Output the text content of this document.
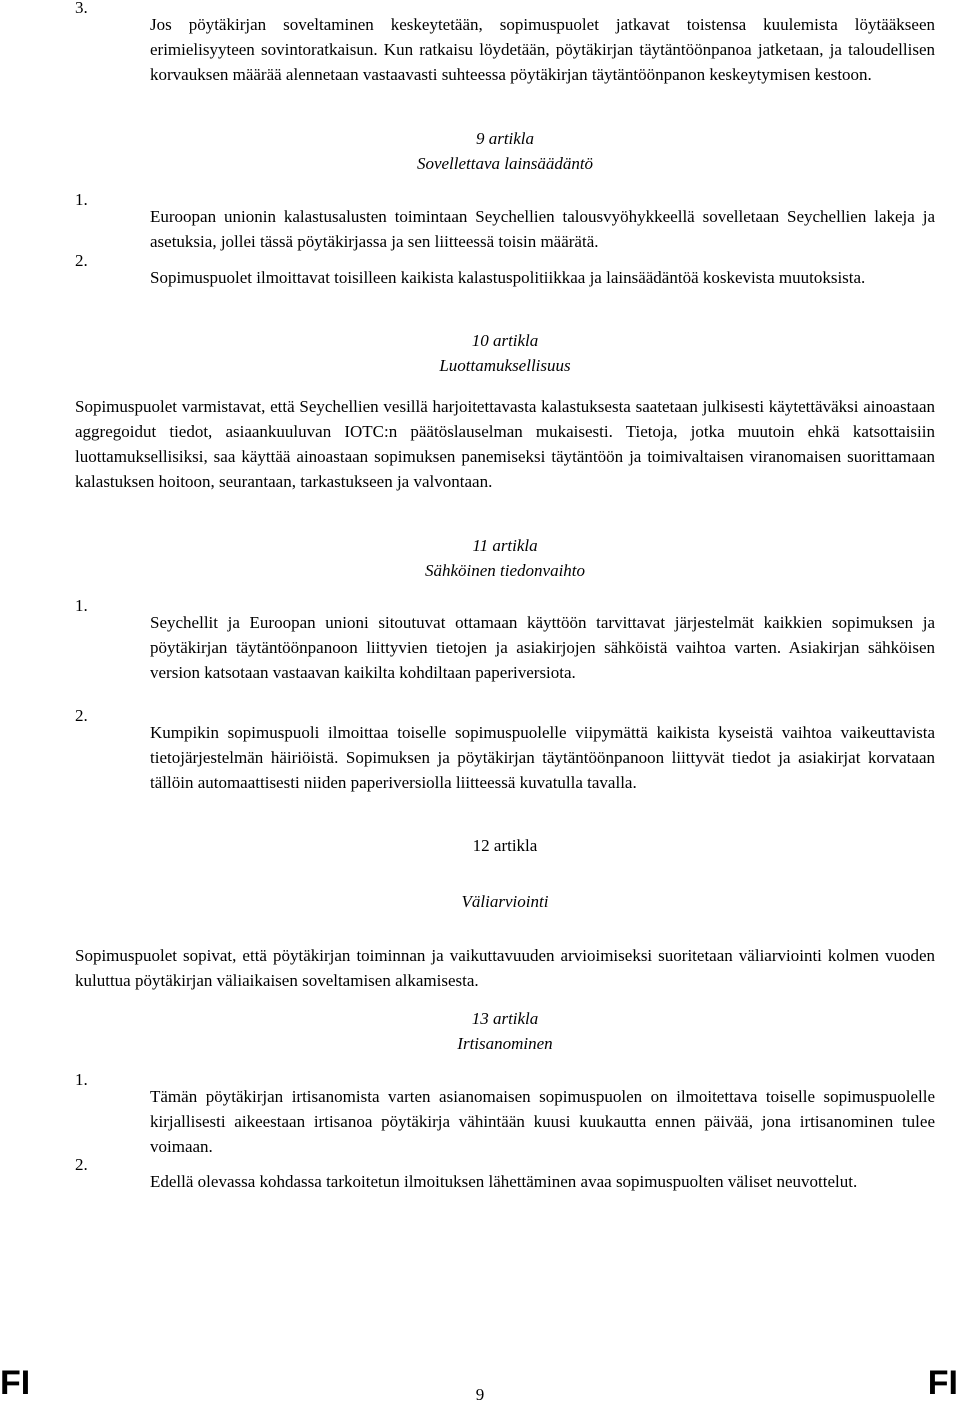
3.

Jos pöytäkirjan soveltaminen keskeytetään, sopimuspuolet jatkavat toistensa kuulemista löytääkseen erimielisyyteen sovintoratkaisun. Kun ratkaisu löydetään, pöytäkirjan täytäntöönpanoa jatketaan, ja taloudellisen korvauksen määrää alennetaan vastaavasti suhteessa pöytäkirjan täytäntöönpanon keskeytymisen kestoon.

9 artikla
Sovellettava lainsäädäntö
1.

Euroopan unionin kalastusalusten toimintaan Seychellien talousvyöhykkeellä sovelletaan Seychellien lakeja ja asetuksia, jollei tässä pöytäkirjassa ja sen liitteessä toisin määrätä.

2.

Sopimuspuolet ilmoittavat toisilleen kaikista kalastuspolitiikkaa ja lainsäädäntöä koskevista muutoksista.

10 artikla
Luottamuksellisuus

Sopimuspuolet varmistavat, että Seychellien vesillä harjoitettavasta kalastuksesta saatetaan julkisesti käytettäväksi ainoastaan aggregoidut tiedot, asiaankuuluvan IOTC:n päätöslauselman mukaisesti. Tietoja, jotka muutoin ehkä katsottaisiin luottamuksellisiksi, saa käyttää ainoastaan sopimuksen panemiseksi täytäntöön ja toimivaltaisen viranomaisen suorittamaan kalastuksen hoitoon, seurantaan, tarkastukseen ja valvontaan.

11 artikla
Sähköinen tiedonvaihto
1.

Seychellit ja Euroopan unioni sitoutuvat ottamaan käyttöön tarvittavat järjestelmät kaikkien sopimuksen ja pöytäkirjan täytäntöönpanoon liittyvien tietojen ja asiakirjojen sähköistä vaihtoa varten. Asiakirjan sähköisen version katsotaan vastaavan kaikilta kohdiltaan paperiversiota.

2.

Kumpikin sopimuspuoli ilmoittaa toiselle sopimuspuolelle viipymättä kaikista kyseistä vaihtoa vaikeuttavista tietojärjestelmän häiriöistä. Sopimuksen ja pöytäkirjan täytäntöönpanoon liittyvät tiedot ja asiakirjat korvataan tällöin automaattisesti niiden paperiversiolla liitteessä kuvatulla tavalla.

12 artikla
Väliarviointi

Sopimuspuolet sopivat, että pöytäkirjan toiminnan ja vaikuttavuuden arvioimiseksi suoritetaan väliarviointi kolmen vuoden kuluttua pöytäkirjan väliaikaisen soveltamisen alkamisesta.

13 artikla
Irtisanominen
1.

Tämän pöytäkirjan irtisanomista varten asianomaisen sopimuspuolen on ilmoitettava toiselle sopimuspuolelle kirjallisesti aikeestaan irtisanoa pöytäkirja vähintään kuusi kuukautta ennen päivää, jona irtisanominen tulee voimaan.

2.

Edellä olevassa kohdassa tarkoitetun ilmoituksen lähettäminen avaa sopimuspuolten väliset neuvottelut.

FI	9	FI
